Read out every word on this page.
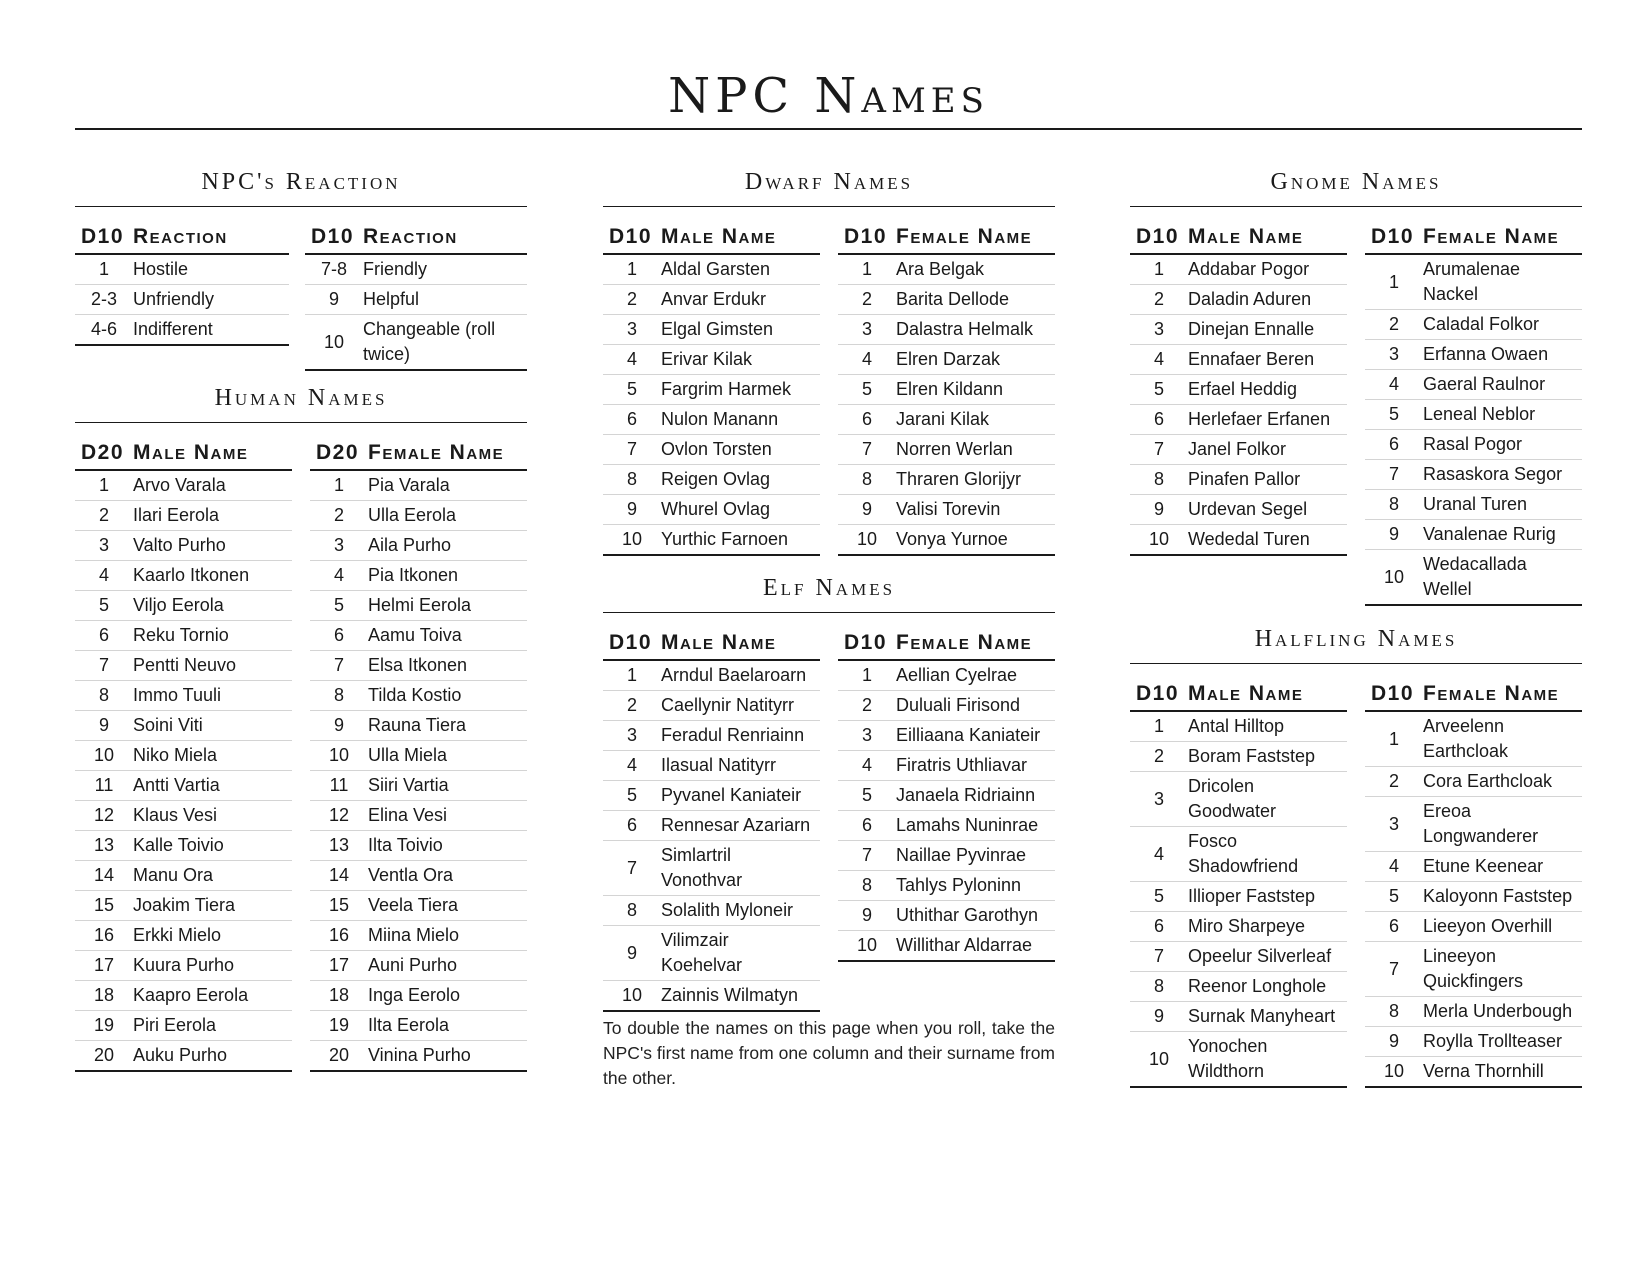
NPC Names
NPC's Reaction
D10	Reaction
1	Hostile
2-3	Unfriendly
4-6	Indifferent
D10	Reaction
7-8	Friendly
9	Helpful
10	Changeable (roll twice)
Human Names
D20	Male Name
1	Arvo Varala
2	Ilari Eerola
3	Valto Purho
4	Kaarlo Itkonen
5	Viljo Eerola
6	Reku Tornio
7	Pentti Neuvo
8	Immo Tuuli
9	Soini Viti
10	Niko Miela
11	Antti Vartia
12	Klaus Vesi
13	Kalle Toivio
14	Manu Ora
15	Joakim Tiera
16	Erkki Mielo
17	Kuura Purho
18	Kaapro Eerola
19	Piri Eerola
20	Auku Purho
D20	Female Name
1	Pia Varala
2	Ulla Eerola
3	Aila Purho
4	Pia Itkonen
5	Helmi Eerola
6	Aamu Toiva
7	Elsa Itkonen
8	Tilda Kostio
9	Rauna Tiera
10	Ulla Miela
11	Siiri Vartia
12	Elina Vesi
13	Ilta Toivio
14	Ventla Ora
15	Veela Tiera
16	Miina Mielo
17	Auni Purho
18	Inga Eerolo
19	Ilta Eerola
20	Vinina Purho
Dwarf Names
D10	Male Name
1	Aldal Garsten
2	Anvar Erdukr
3	Elgal Gimsten
4	Erivar Kilak
5	Fargrim Harmek
6	Nulon Manann
7	Ovlon Torsten
8	Reigen Ovlag
9	Whurel Ovlag
10	Yurthic Farnoen
D10	Female Name
1	Ara Belgak
2	Barita Dellode
3	Dalastra Helmalk
4	Elren Darzak
5	Elren Kildann
6	Jarani Kilak
7	Norren Werlan
8	Thraren Glorijyr
9	Valisi Torevin
10	Vonya Yurnoe
Elf Names
D10	Male Name
1	Arndul Baelaroarn
2	Caellynir Natityrr
3	Feradul Renriainn
4	Ilasual Natityrr
5	Pyvanel Kaniateir
6	Rennesar Azariarn
7	Simlartril Vonothvar
8	Solalith Myloneir
9	Vilimzair Koehelvar
10	Zainnis Wilmatyn
D10	Female Name
1	Aellian Cyelrae
2	Duluali Firisond
3	Eilliaana Kaniateir
4	Firatris Uthliavar
5	Janaela Ridriainn
6	Lamahs Nuninrae
7	Naillae Pyvinrae
8	Tahlys Pyloninn
9	Uthithar Garothyn
10	Willithar Aldarrae

To double the names on this page when you roll, take the NPC's first name from one column and their surname from the other.

Gnome Names
D10	Male Name
1	Addabar Pogor
2	Daladin Aduren
3	Dinejan Ennalle
4	Ennafaer Beren
5	Erfael Heddig
6	Herlefaer Erfanen
7	Janel Folkor
8	Pinafen Pallor
9	Urdevan Segel
10	Wededal Turen
D10	Female Name
1	Arumalenae Nackel
2	Caladal Folkor
3	Erfanna Owaen
4	Gaeral Raulnor
5	Leneal Neblor
6	Rasal Pogor
7	Rasaskora Segor
8	Uranal Turen
9	Vanalenae Rurig
10	Wedacallada Wellel
Halfling Names
D10	Male Name
1	Antal Hilltop
2	Boram Faststep
3	Dricolen Goodwater
4	Fosco Shadowfriend
5	Illioper Faststep
6	Miro Sharpeye
7	Opeelur Silverleaf
8	Reenor Longhole
9	Surnak Manyheart
10	Yonochen Wildthorn
D10	Female Name
1	Arveelenn Earthcloak
2	Cora Earthcloak
3	Ereoa Longwanderer
4	Etune Keenear
5	Kaloyonn Faststep
6	Lieeyon Overhill
7	Lineeyon Quickfingers
8	Merla Underbough
9	Roylla Trollteaser
10	Verna Thornhill
